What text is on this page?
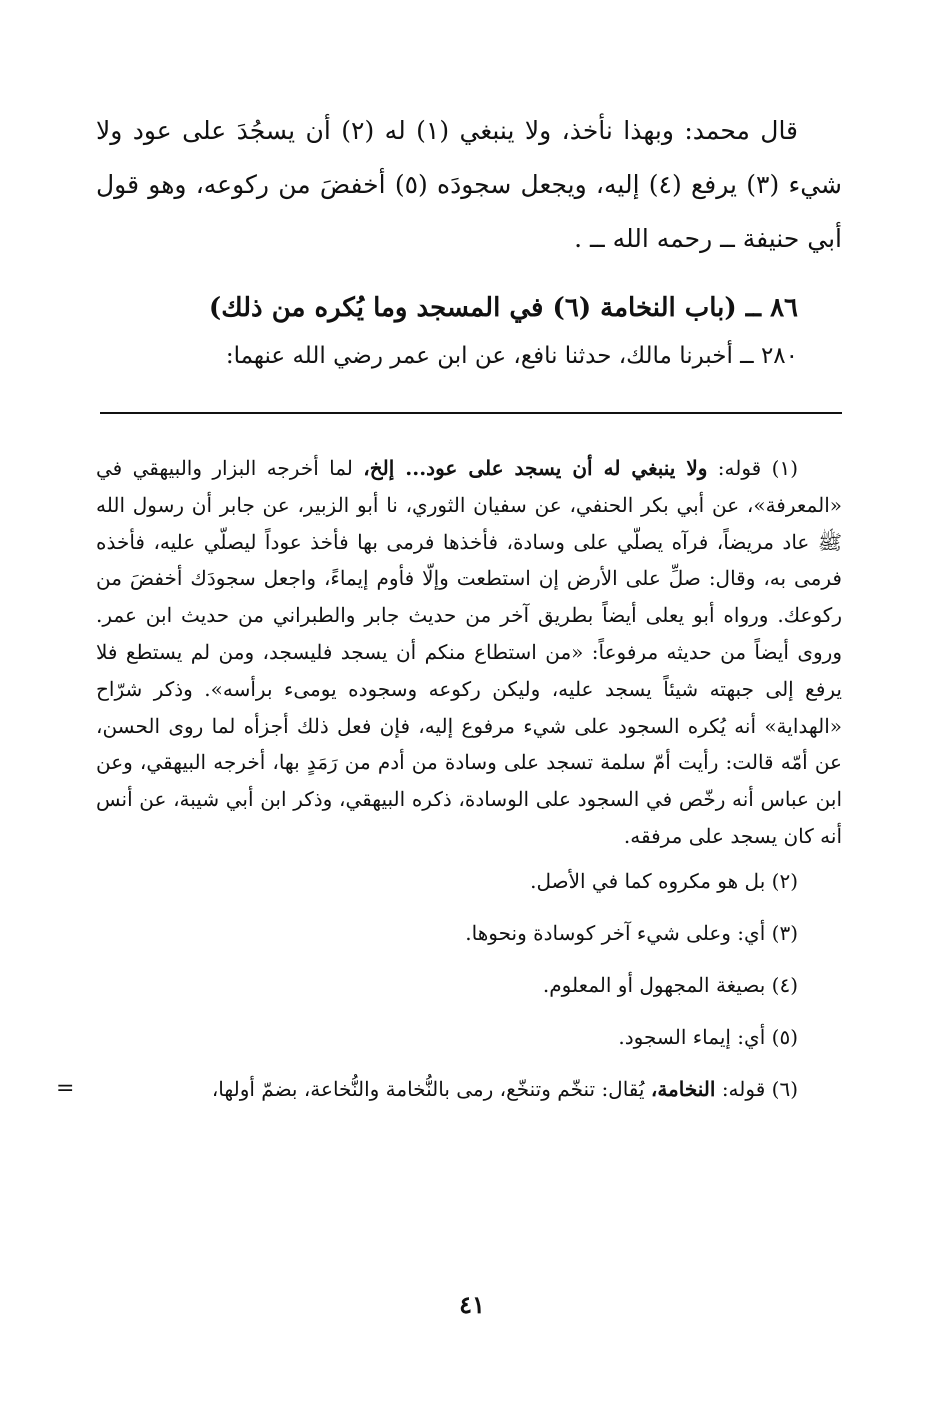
قال محمد: وبهذا نأخذ، ولا ينبغي (١) له (٢) أن يسجُدَ على عود ولا شيء (٣) يرفع (٤) إليه، ويجعل سجودَه (٥) أخفضَ من ركوعه، وهو قول أبي حنيفة ــ رحمه الله ــ .

٨٦ ــ (باب النخامة (٦) في المسجد وما يُكره من ذلك)
٢٨٠ ــ أخبرنا مالك، حدثنا نافع، عن ابن عمر رضي الله عنهما:

(١) قوله: ولا ينبغي له أن يسجد على عود... إلخ، لما أخرجه البزار والبيهقي في «المعرفة»، عن أبي بكر الحنفي، عن سفيان الثوري، نا أبو الزبير، عن جابر أن رسول الله ﷺ عاد مريضاً، فرآه يصلّي على وسادة، فأخذها فرمى بها فأخذ عوداً ليصلّي عليه، فأخذه فرمى به، وقال: صلِّ على الأرض إن استطعت وإلّا فأوم إيماءً، واجعل سجودَك أخفضَ من ركوعك. ورواه أبو يعلى أيضاً بطريق آخر من حديث جابر والطبراني من حديث ابن عمر. وروى أيضاً من حديثه مرفوعاً: «من استطاع منكم أن يسجد فليسجد، ومن لم يستطع فلا يرفع إلى جبهته شيئاً يسجد عليه، وليكن ركوعه وسجوده يومىء برأسه». وذكر شرّاح «الهداية» أنه يُكره السجود على شيء مرفوع إليه، فإن فعل ذلك أجزأه لما روى الحسن، عن أمّه قالت: رأيت أمّ سلمة تسجد على وسادة من أدم من رَمَدٍ بها، أخرجه البيهقي، وعن ابن عباس أنه رخّص في السجود على الوسادة، ذكره البيهقي، وذكر ابن أبي شيبة، عن أنس أنه كان يسجد على مرفقه.

(٢) بل هو مكروه كما في الأصل.

(٣) أي: وعلى شيء آخر كوسادة ونحوها.

(٤) بصيغة المجهول أو المعلوم.

(٥) أي: إيماء السجود.

(٦) قوله: النخامة، يُقال: تنخّم وتنخّع، رمى بالنُّخامة والنُّخاعة، بضمّ أولها،
=

٤١
